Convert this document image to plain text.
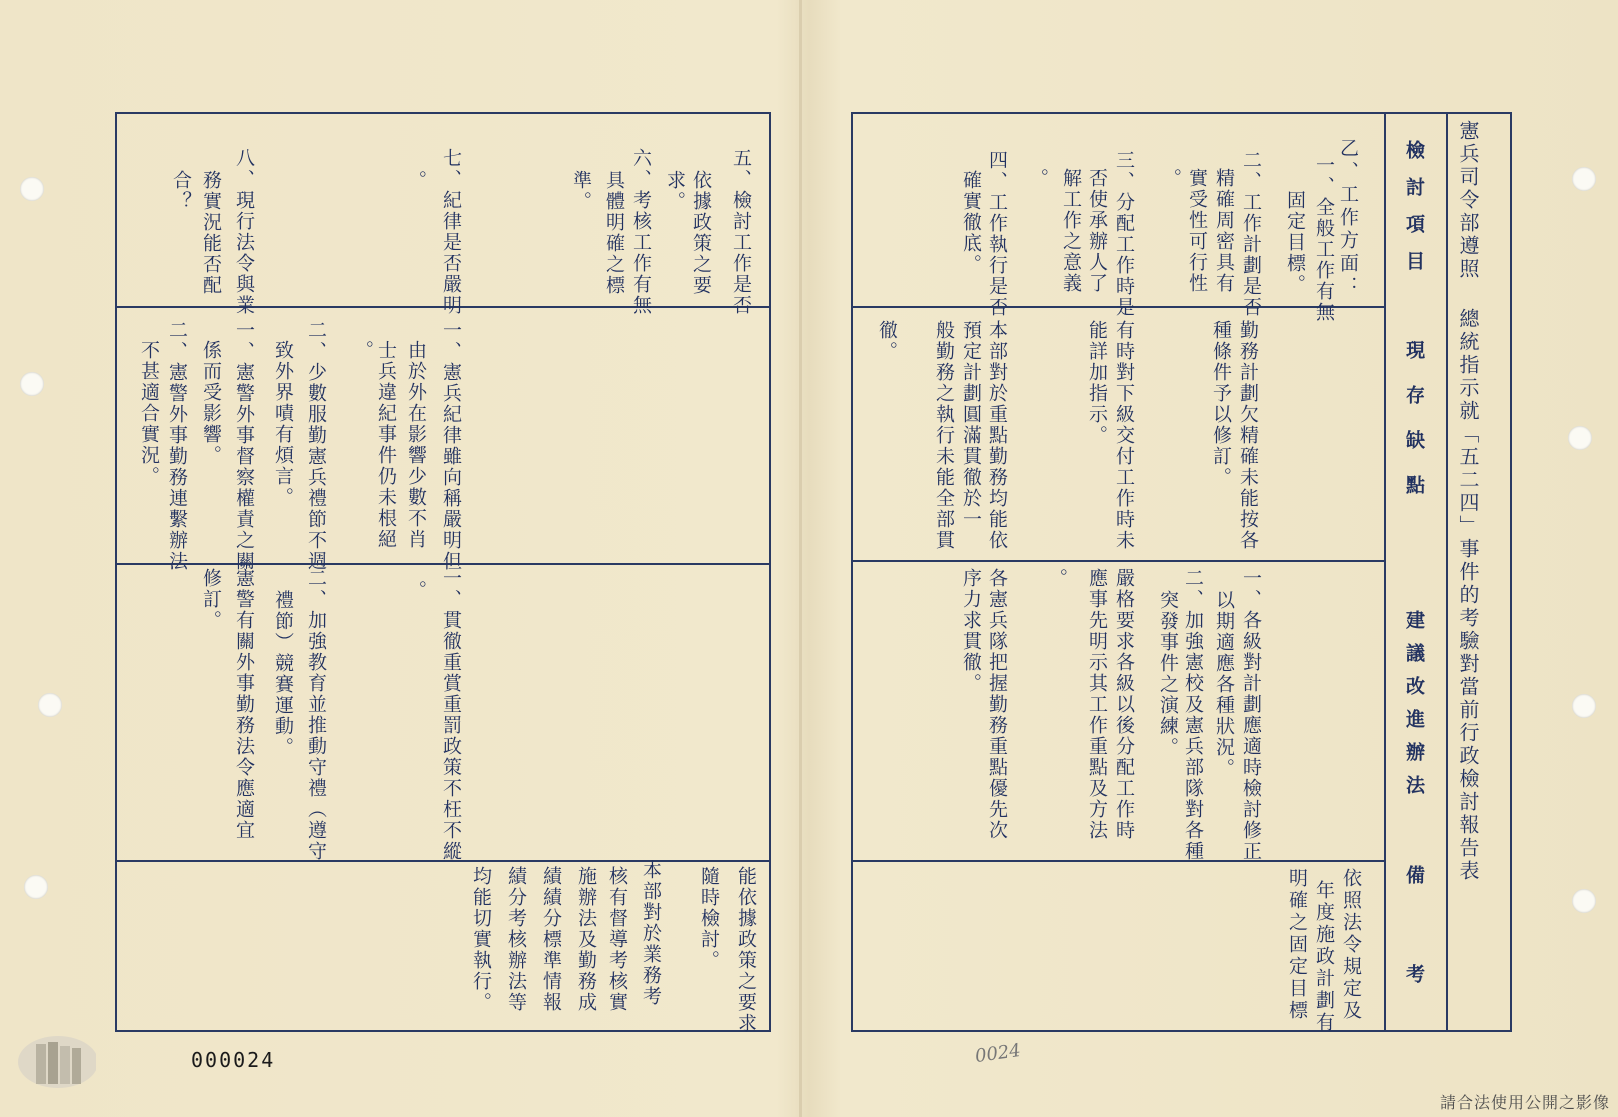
憲兵司令部遵照 總統指示就「五二四」事件的考驗對當前行政檢討報告表
檢討項目
現存缺點
建議改進辦法
備考
乙、工作方面：
一、全般工作有無
固定目標。
二、工作計劃是否
精確周密具有
實受性可行性
。
三、分配工作時是
否使承辦人了
解工作之意義
。
四、工作執行是否
確實徹底。
勤務計劃欠精確未能按各
種條件予以修訂。
有時對下級交付工作時未
能詳加指示。
本部對於重點勤務均能依
預定計劃圓滿貫徹於一
般勤務之執行未能全部貫
徹。
一、各級對計劃應適時檢討修正
以期適應各種狀況。
二、加強憲校及憲兵部隊對各種
突發事件之演練。
嚴格要求各級以後分配工作時
應事先明示其工作重點及方法
。
各憲兵隊把握勤務重點優先次
序力求貫徹。
依照法令規定及
年度施政計劃有
明確之固定目標
五、檢討工作是否
依據政策之要
求。
六、考核工作有無
具體明確之標
準。
七、紀律是否嚴明
。
八、現行法令與業
務實況能否配
合？
一、憲兵紀律雖向稱嚴明但
由於外在影響少數不肖
士兵違紀事件仍未根絕
。
二、少數服勤憲兵禮節不週
致外界嘖有煩言。
一、憲警外事督察權責之關
係而受影響。
二、憲警外事勤務連繫辦法
不甚適合實況。
一、貫徹重賞重罰政策不枉不縱
。
二、加強教育並推動守禮（遵守
禮節）競賽運動。
憲警有關外事勤務法令應適宜
修訂。
能依據政策之要求
隨時檢討。
本部對於業務考
核有督導考核實
施辦法及勤務成
績績分標準情報
績分考核辦法等
均能切實執行。
000024	0024
請合法使用公開之影像
